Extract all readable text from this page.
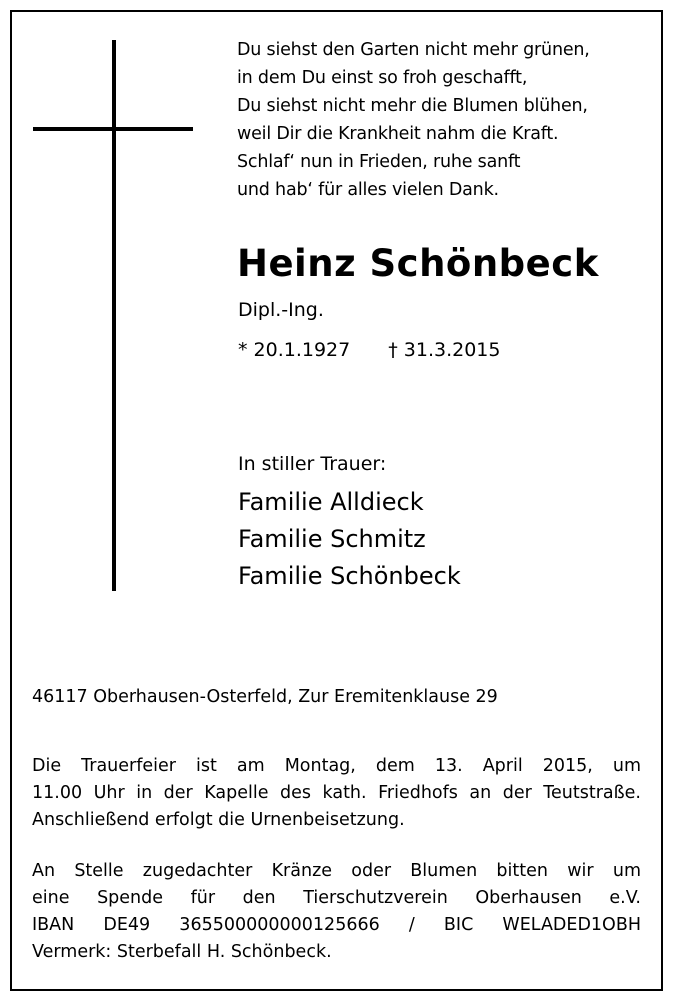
Du siehst den Garten nicht mehr grünen,
in dem Du einst so froh geschafft,
Du siehst nicht mehr die Blumen blühen,
weil Dir die Krankheit nahm die Kraft.
Schlaf‘ nun in Frieden, ruhe sanft
und hab‘ für alles vielen Dank.
Heinz Schönbeck
Dipl.-Ing.
* 20.1.1927 † 31.3.2015
In stiller Trauer:
Familie Alldieck
Familie Schmitz
Familie Schönbeck
46117 Oberhausen-Osterfeld, Zur Eremitenklause 29
Die Trauerfeier ist am Montag, dem 13. April 2015, um
11.00 Uhr in der Kapelle des kath. Friedhofs an der Teutstraße.
Anschließend erfolgt die Urnenbeisetzung.
An Stelle zugedachter Kränze oder Blumen bitten wir um
eine Spende für den Tierschutzverein Oberhausen e.V.
IBAN DE49 365500000000125666 / BIC WELADED1OBH
Vermerk: Sterbefall H. Schönbeck.
